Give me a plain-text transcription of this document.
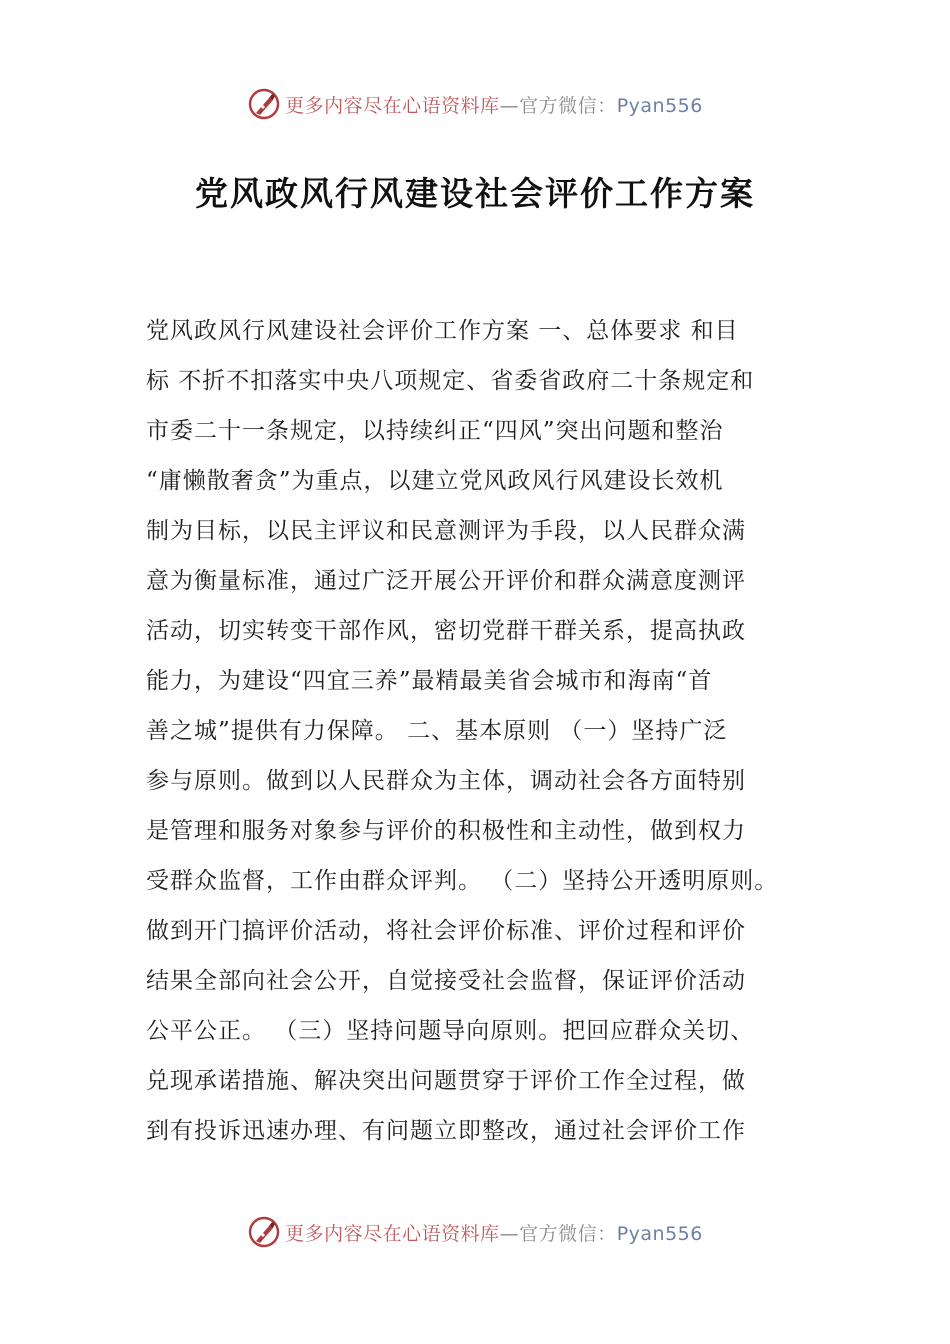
更多内容尽在心语资料库—官方微信：Pyan556
党风政风行风建设社会评价工作方案
党风政风行风建设社会评价工作方案 一、总体要求 和目
标 不折不扣落实中央八项规定、省委省政府二十条规定和
市委二十一条规定，以持续纠正“四风”突出问题和整治
“庸懒散奢贪”为重点，以建立党风政风行风建设长效机
制为目标，以民主评议和民意测评为手段，以人民群众满
意为衡量标准，通过广泛开展公开评价和群众满意度测评
活动，切实转变干部作风，密切党群干群关系，提高执政
能力，为建设“四宜三养”最精最美省会城市和海南“首
善之城”提供有力保障。 二、基本原则 （一）坚持广泛
参与原则。做到以人民群众为主体，调动社会各方面特别
是管理和服务对象参与评价的积极性和主动性，做到权力
受群众监督，工作由群众评判。 （二）坚持公开透明原则。
做到开门搞评价活动，将社会评价标准、评价过程和评价
结果全部向社会公开，自觉接受社会监督，保证评价活动
公平公正。 （三）坚持问题导向原则。把回应群众关切、
兑现承诺措施、解决突出问题贯穿于评价工作全过程，做
到有投诉迅速办理、有问题立即整改，通过社会评价工作
更多内容尽在心语资料库—官方微信：Pyan556
